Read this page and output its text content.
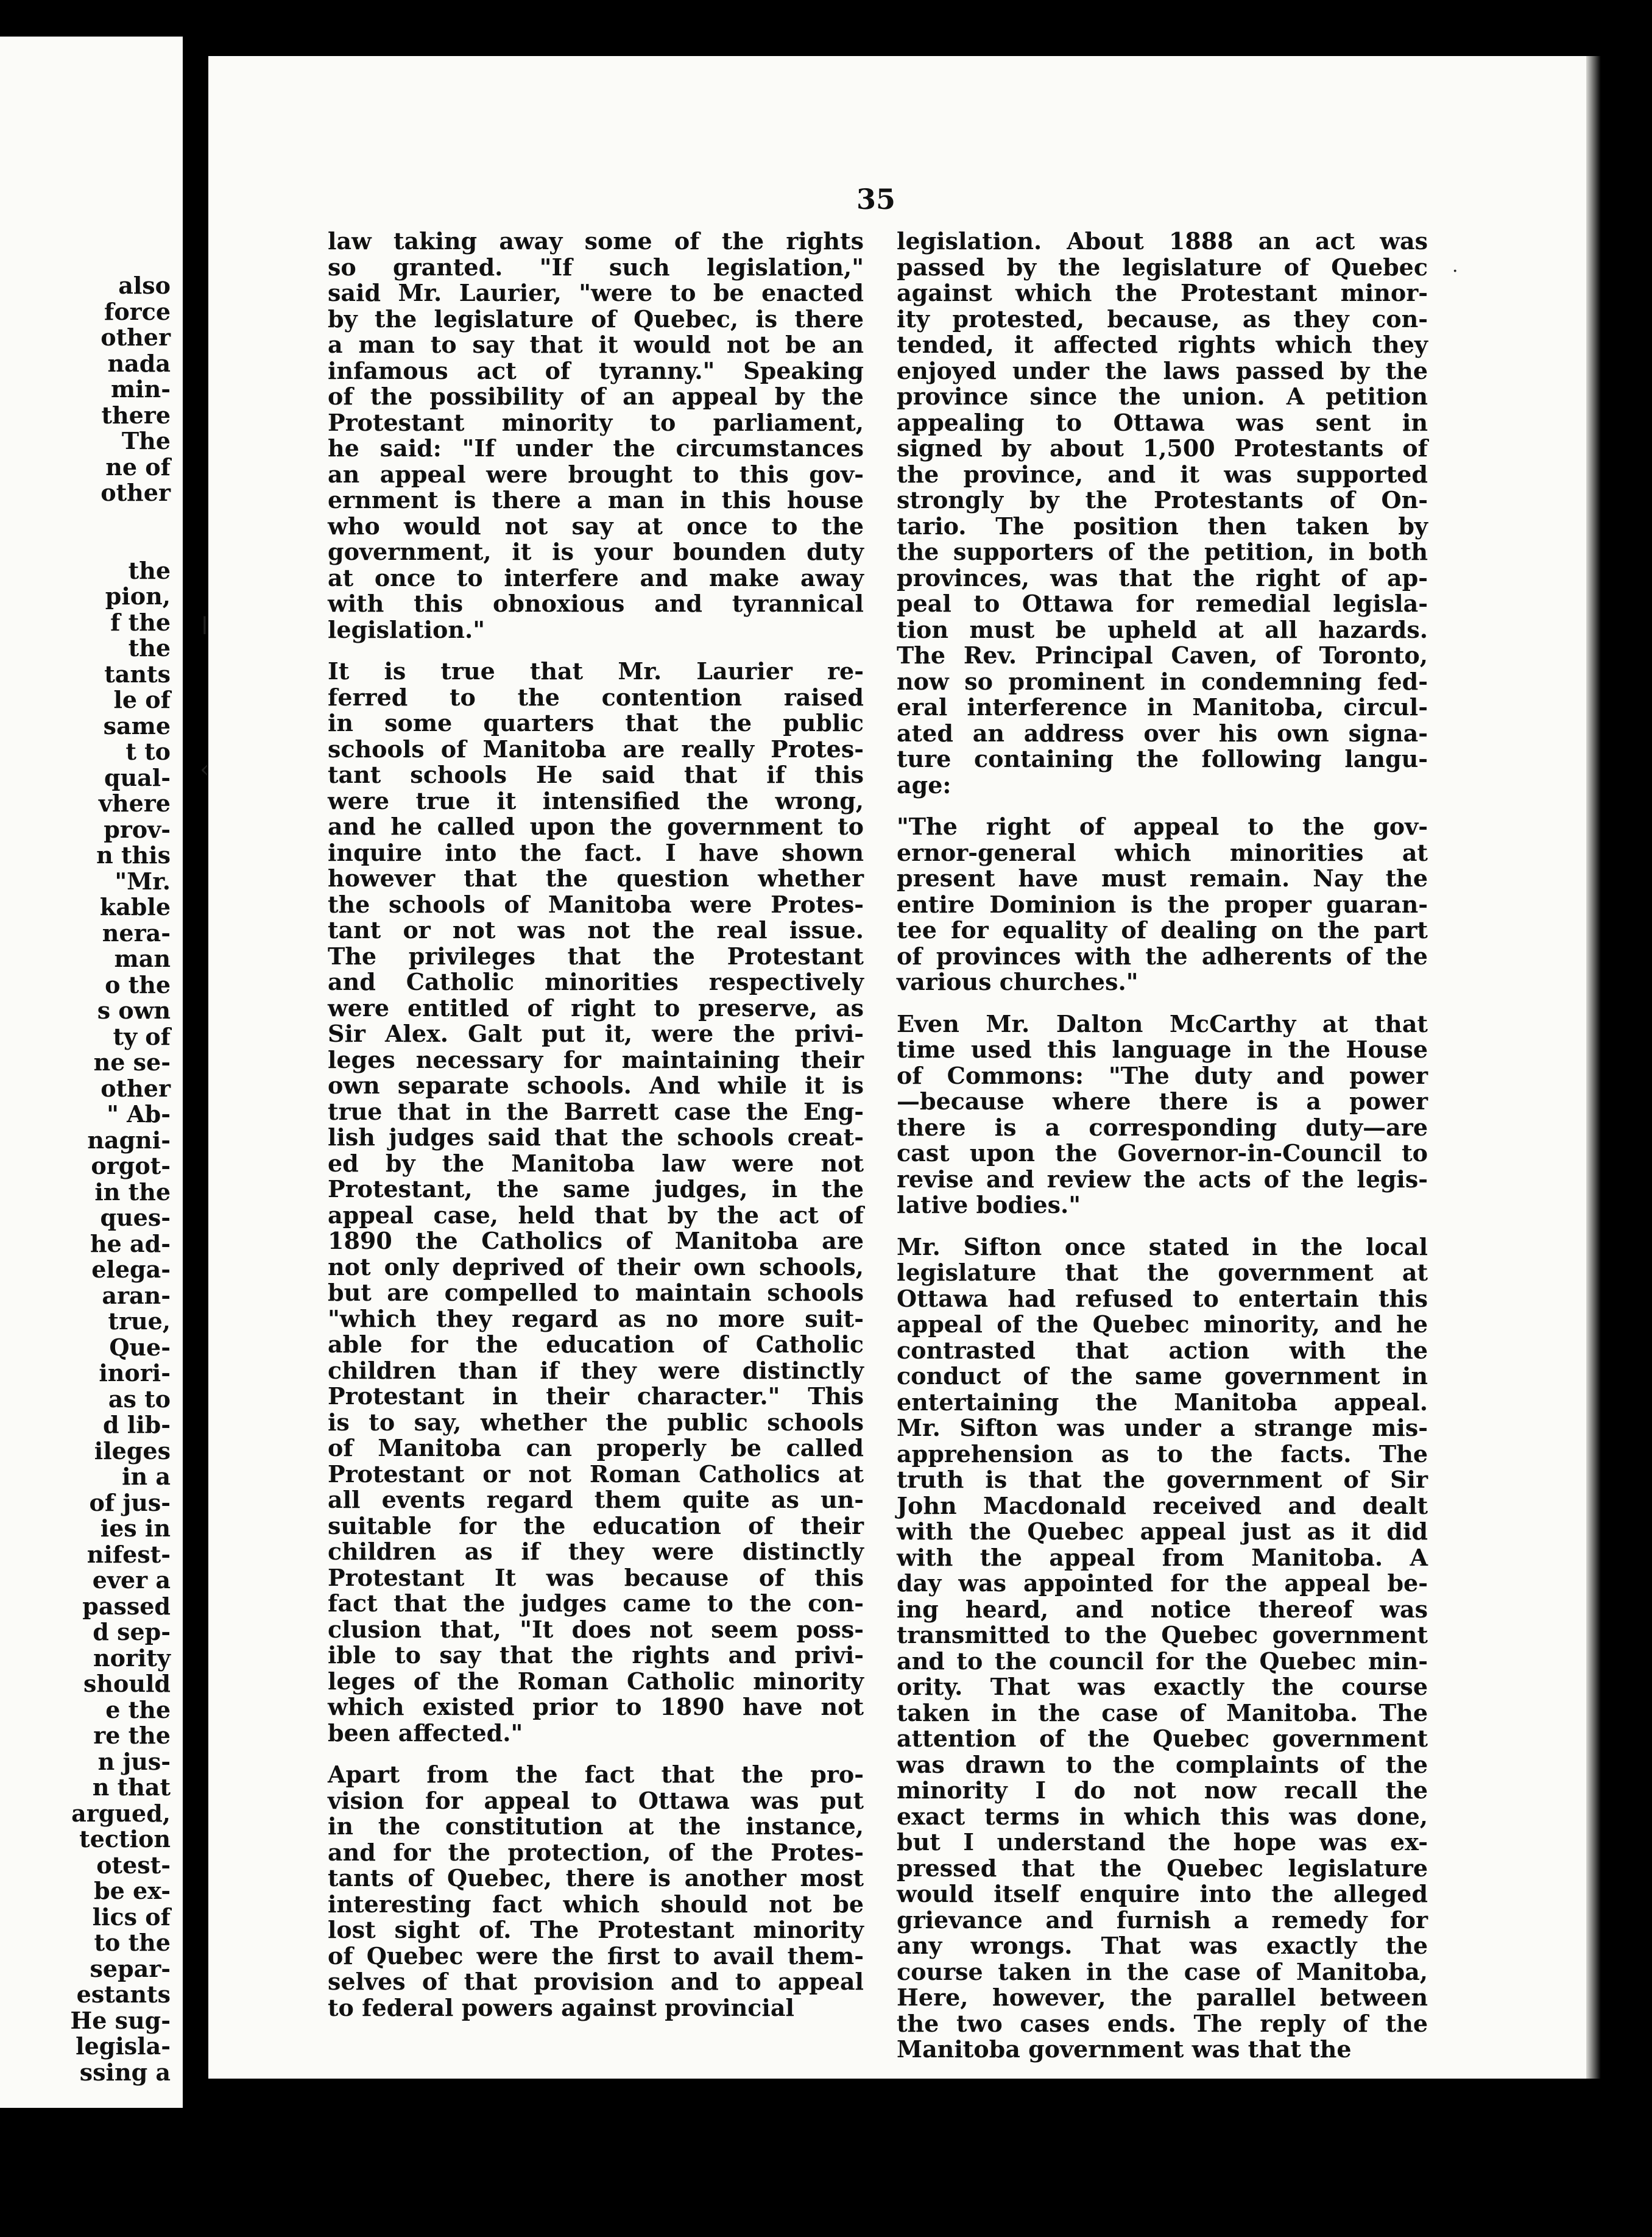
also

force

other

nada

min-

there

The

ne of

other

the

pion,

f the

the

tants

le of

same

t to

qual-

vhere

prov-

n this

"Mr.

kable

nera-

man

o the

s own

ty of

ne se-

other

" Ab-

nagni-

orgot-

in the

ques-

he ad-

elega-

aran-

true,

Que-

inori-

as to

d lib-

ileges

in a

of jus-

ies in

nifest-

ever a

passed

d sep-

nority

should

e the

re the

n jus-

n that

argued,

tection

otest-

be ex-

lics of

to the

separ-

estants

He sug-

legisla-

ssing a

35
ǀ
‹
·

law taking away some of the rights

so granted. "If such legislation,"

said Mr. Laurier, "were to be enacted

by the legislature of Quebec, is there

a man to say that it would not be an

infamous act of tyranny." Speaking

of the possibility of an appeal by the

Protestant minority to parliament,

he said: "If under the circumstances

an appeal were brought to this gov-

ernment is there a man in this house

who would not say at once to the

government, it is your bounden duty

at once to interfere and make away

with this obnoxious and tyrannical

legislation."

It is true that Mr. Laurier re-

ferred to the contention raised

in some quarters that the public

schools of Manitoba are really Protes-

tant schools He said that if this

were true it intensified the wrong,

and he called upon the government to

inquire into the fact. I have shown

however that the question whether

the schools of Manitoba were Protes-

tant or not was not the real issue.

The privileges that the Protestant

and Catholic minorities respectively

were entitled of right to preserve, as

Sir Alex. Galt put it, were the privi-

leges necessary for maintaining their

own separate schools. And while it is

true that in the Barrett case the Eng-

lish judges said that the schools creat-

ed by the Manitoba law were not

Protestant, the same judges, in the

appeal case, held that by the act of

1890 the Catholics of Manitoba are

not only deprived of their own schools,

but are compelled to maintain schools

"which they regard as no more suit-

able for the education of Catholic

children than if they were distinctly

Protestant in their character." This

is to say, whether the public schools

of Manitoba can properly be called

Protestant or not Roman Catholics at

all events regard them quite as un-

suitable for the education of their

children as if they were distinctly

Protestant It was because of this

fact that the judges came to the con-

clusion that, "It does not seem poss-

ible to say that the rights and privi-

leges of the Roman Catholic minority

which existed prior to 1890 have not

been affected."

Apart from the fact that the pro-

vision for appeal to Ottawa was put

in the constitution at the instance,

and for the protection, of the Protes-

tants of Quebec, there is another most

interesting fact which should not be

lost sight of. The Protestant minority

of Quebec were the first to avail them-

selves of that provision and to appeal

to federal powers against provincial

legislation. About 1888 an act was

passed by the legislature of Quebec

against which the Protestant minor-

ity protested, because, as they con-

tended, it affected rights which they

enjoyed under the laws passed by the

province since the union. A petition

appealing to Ottawa was sent in

signed by about 1,500 Protestants of

the province, and it was supported

strongly by the Protestants of On-

tario. The position then taken by

the supporters of the petition, in both

provinces, was that the right of ap-

peal to Ottawa for remedial legisla-

tion must be upheld at all hazards.

The Rev. Principal Caven, of Toronto,

now so prominent in condemning fed-

eral interference in Manitoba, circul-

ated an address over his own signa-

ture containing the following langu-

age:

"The right of appeal to the gov-

ernor-general which minorities at

present have must remain. Nay the

entire Dominion is the proper guaran-

tee for equality of dealing on the part

of provinces with the adherents of the

various churches."

Even Mr. Dalton McCarthy at that

time used this language in the House

of Commons: "The duty and power

—because where there is a power

there is a corresponding duty—are

cast upon the Governor-in-Council to

revise and review the acts of the legis-

lative bodies."

Mr. Sifton once stated in the local

legislature that the government at

Ottawa had refused to entertain this

appeal of the Quebec minority, and he

contrasted that action with the

conduct of the same government in

entertaining the Manitoba appeal.

Mr. Sifton was under a strange mis-

apprehension as to the facts. The

truth is that the government of Sir

John Macdonald received and dealt

with the Quebec appeal just as it did

with the appeal from Manitoba. A

day was appointed for the appeal be-

ing heard, and notice thereof was

transmitted to the Quebec government

and to the council for the Quebec min-

ority. That was exactly the course

taken in the case of Manitoba. The

attention of the Quebec government

was drawn to the complaints of the

minority I do not now recall the

exact terms in which this was done,

but I understand the hope was ex-

pressed that the Quebec legislature

would itself enquire into the alleged

grievance and furnish a remedy for

any wrongs. That was exactly the

course taken in the case of Manitoba,

Here, however, the parallel between

the two cases ends. The reply of the

Manitoba government was that the
